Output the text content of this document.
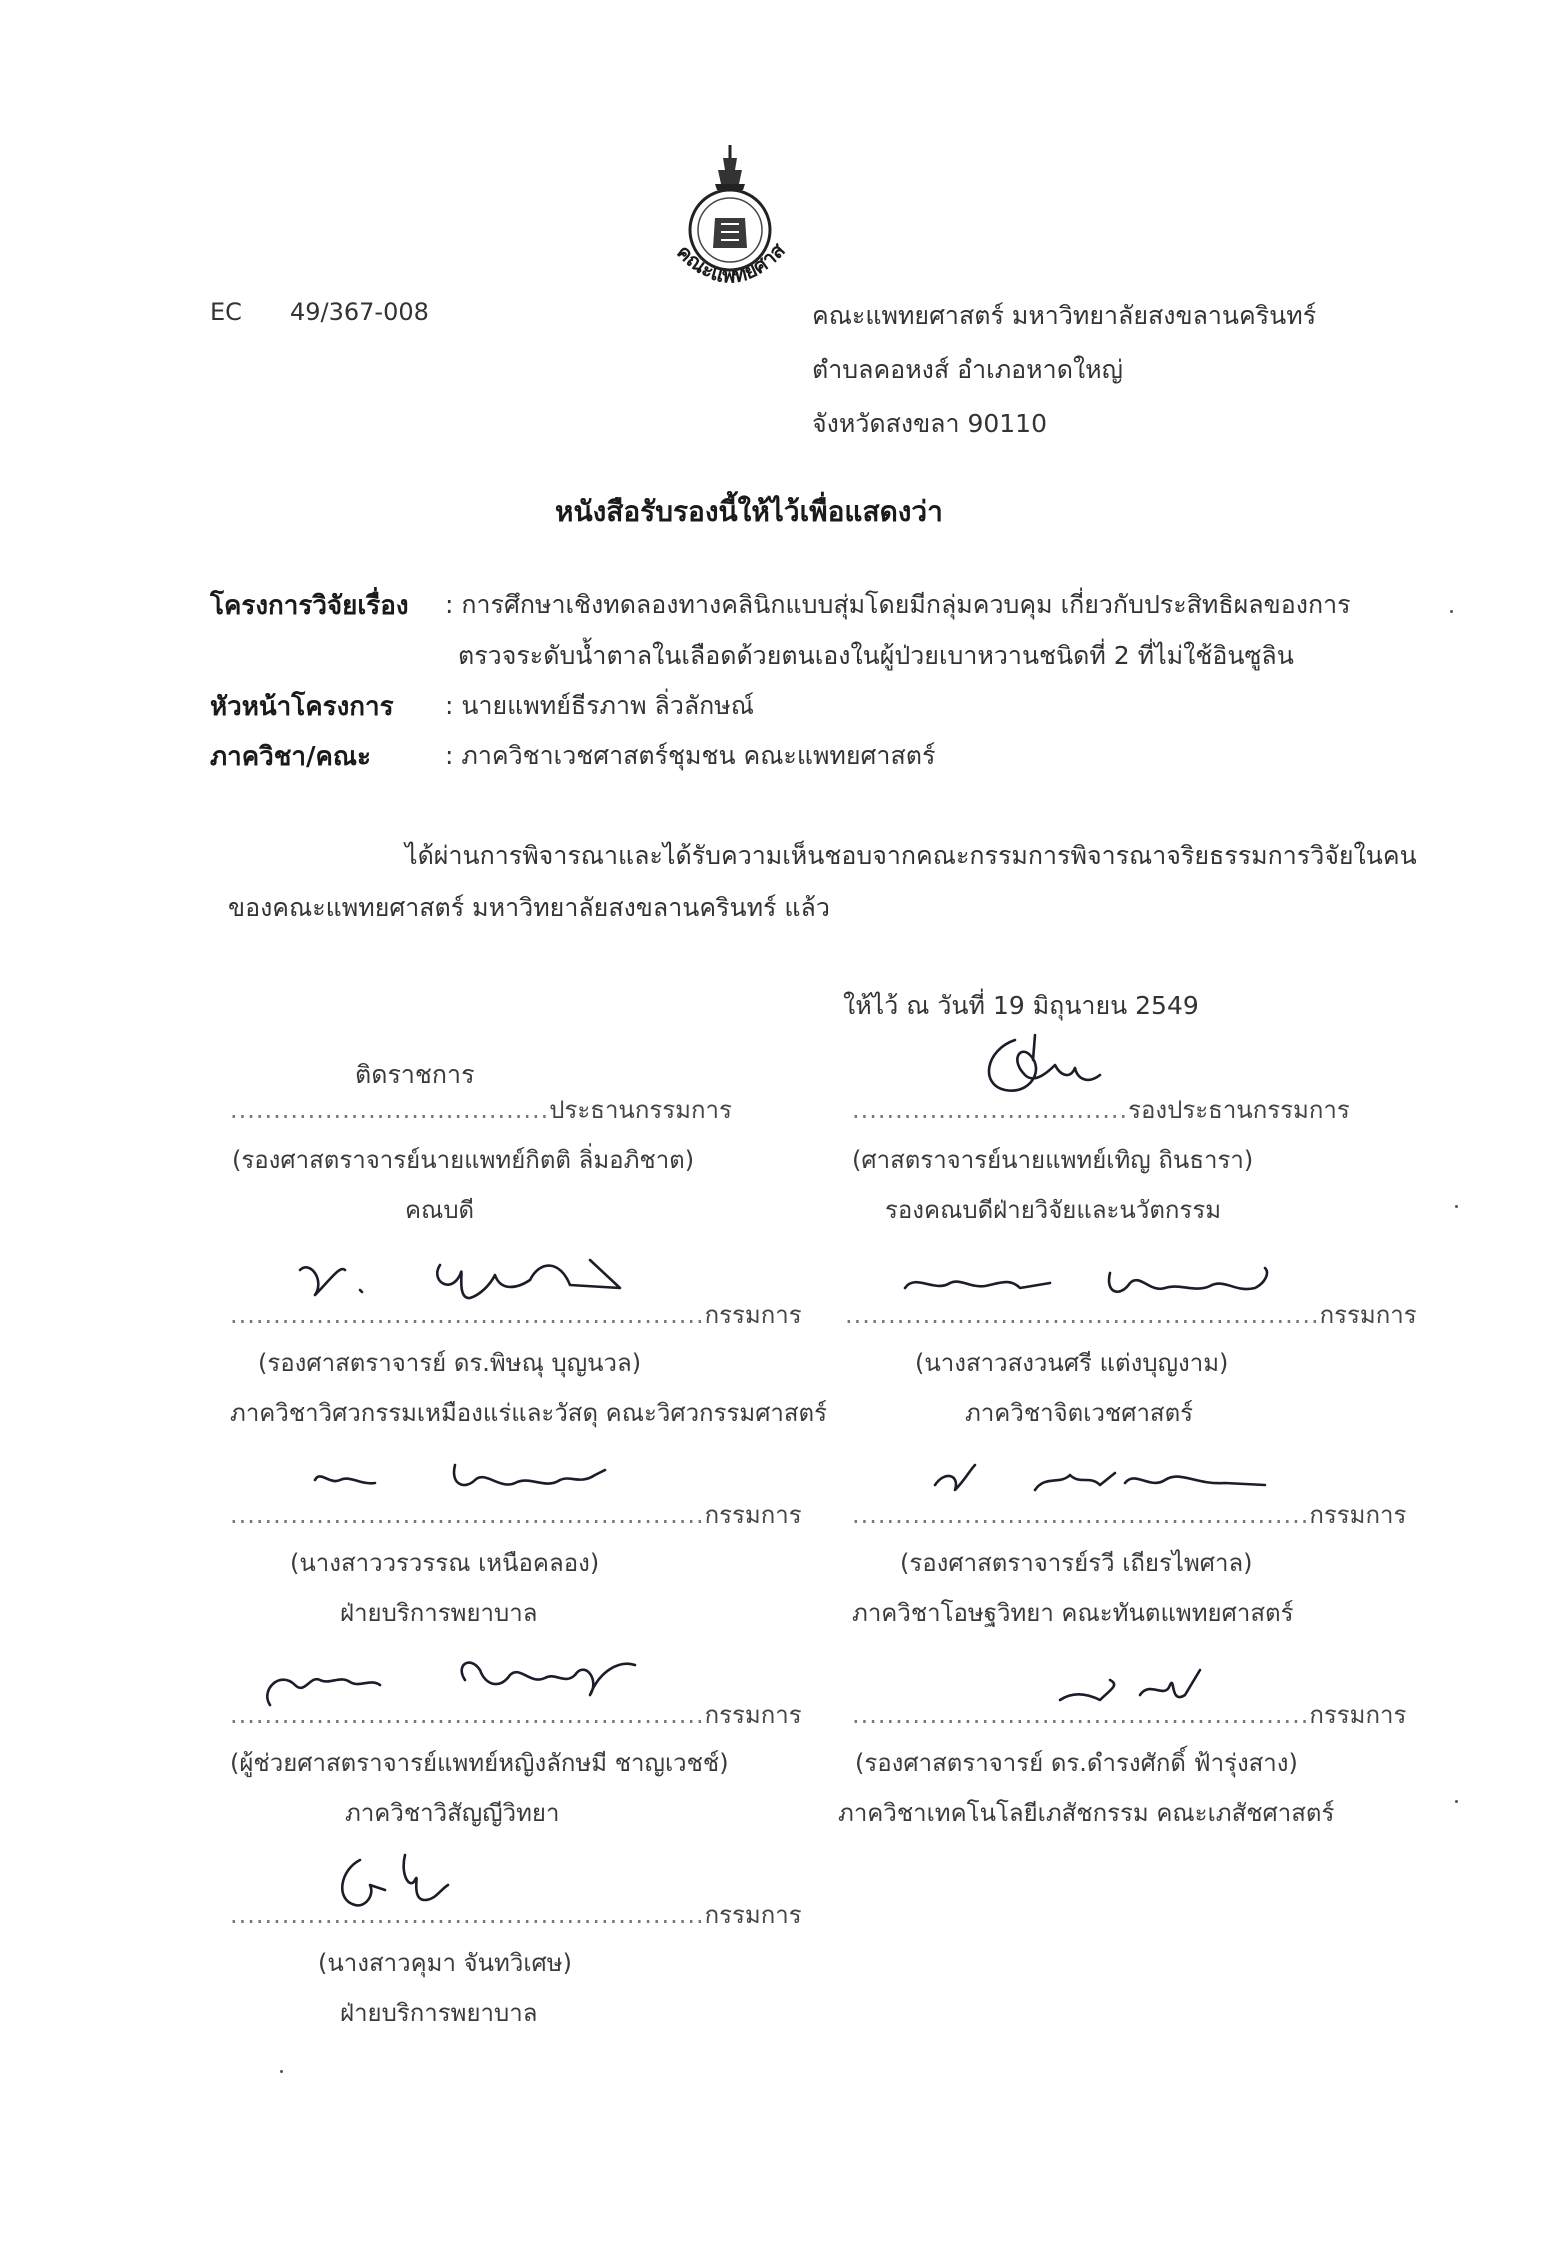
คณะแพทยศาส
EC 49/367-008	คณะแพทยศาสตร์ มหาวิทยาลัยสงขลานครินทร์
ตำบลคอหงส์ อำเภอหาดใหญ่
จังหวัดสงขลา 90110
หนังสือรับรองนี้ให้ไว้เพื่อแสดงว่า
โครงการวิจัยเรื่อง : การศึกษาเชิงทดลองทางคลินิกแบบสุ่มโดยมีกลุ่มควบคุม เกี่ยวกับประสิทธิผลของการ
ตรวจระดับน้ำตาลในเลือดด้วยตนเองในผู้ป่วยเบาหวานชนิดที่ 2 ที่ไม่ใช้อินซูลิน
หัวหน้าโครงการ : นายแพทย์ธีรภาพ ลิ่วลักษณ์
ภาควิชา/คณะ	: ภาควิชาเวชศาสตร์ชุมชน คณะแพทยศาสตร์
ได้ผ่านการพิจารณาและได้รับความเห็นชอบจากคณะกรรมการพิจารณาจริยธรรมการวิจัยในคน
ของคณะแพทยศาสตร์ มหาวิทยาลัยสงขลานครินทร์ แล้ว
ให้ไว้ ณ วันที่ 19 มิถุนายน 2549
ติดราชการ
.....................................ประธานกรรมการ
(รองศาสตราจารย์นายแพทย์กิตติ ลิ่มอภิชาต)
คณบดี
................................รองประธานกรรมการ
(ศาสตราจารย์นายแพทย์เทิญ ถินธารา)
รองคณบดีฝ่ายวิจัยและนวัตกรรม
.......................................................กรรมการ
(รองศาสตราจารย์ ดร.พิษณุ บุญนวล)
ภาควิชาวิศวกรรมเหมืองแร่และวัสดุ คณะวิศวกรรมศาสตร์
.......................................................กรรมการ
(นางสาวสงวนศรี แต่งบุญงาม)
ภาควิชาจิตเวชศาสตร์
.......................................................กรรมการ
(นางสาววรวรรณ เหนือคลอง)
ฝ่ายบริการพยาบาล
.....................................................กรรมการ
(รองศาสตราจารย์รวี เถียรไพศาล)
ภาควิชาโอษฐวิทยา คณะทันตแพทยศาสตร์
.......................................................กรรมการ
(ผู้ช่วยศาสตราจารย์แพทย์หญิงลักษมี ชาญเวชช์)
ภาควิชาวิสัญญีวิทยา
.....................................................กรรมการ
(รองศาสตราจารย์ ดร.ดำรงศักดิ์ ฟ้ารุ่งสาง)
ภาควิชาเทคโนโลยีเภสัชกรรม คณะเภสัชศาสตร์
.......................................................กรรมการ
(นางสาวคุมา จันทวิเศษ)
ฝ่ายบริการพยาบาล
